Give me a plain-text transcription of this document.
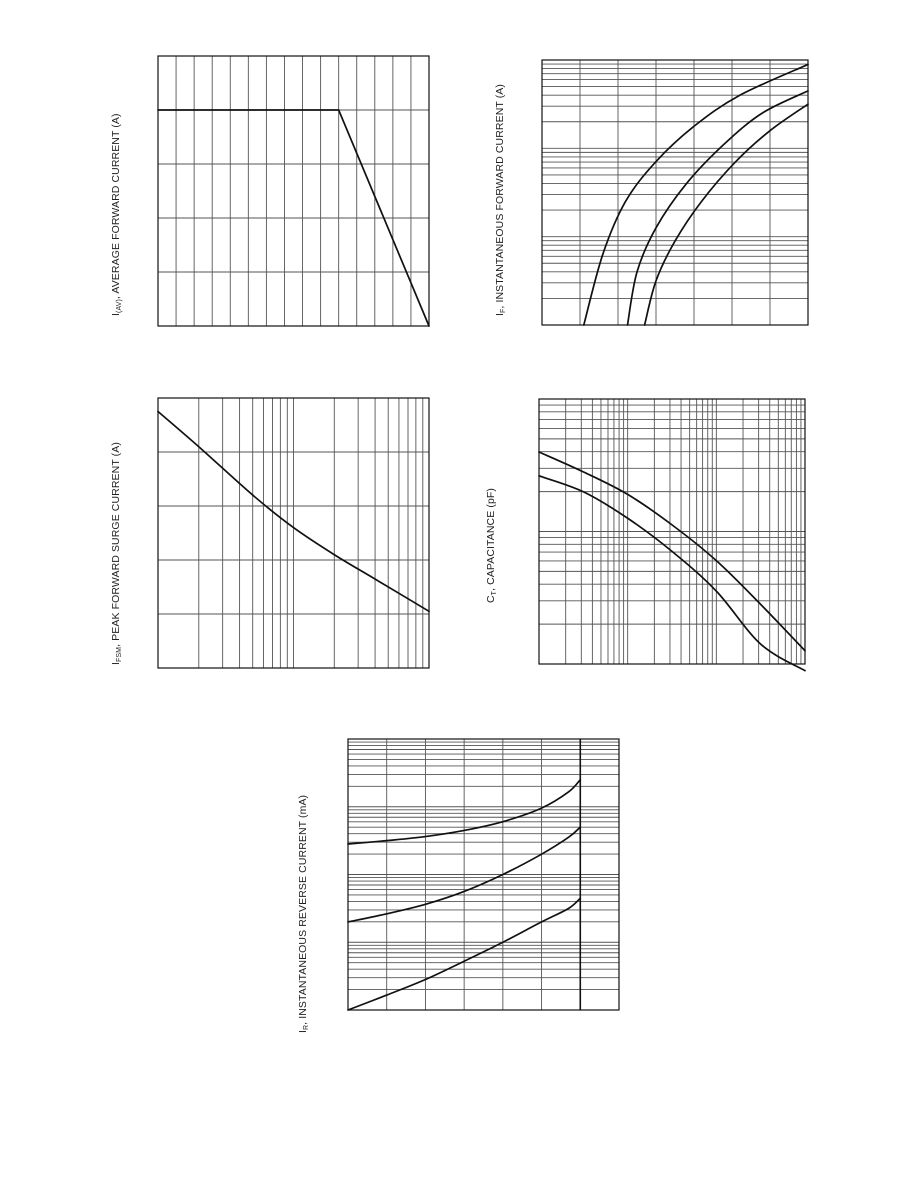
$I_{(AV)}$, AVERAGE FORWARD CURRENT (A)
$I_F$, INSTANTANEOUS FORWARD CURRENT (A)
$I_{FSM}$, PEAK FORWARD SURGE CURRENT (A)	$C_T$, CAPACITANCE (pF)
$I_R$, INSTANTANEOUS REVERSE CURRENT (mA)
